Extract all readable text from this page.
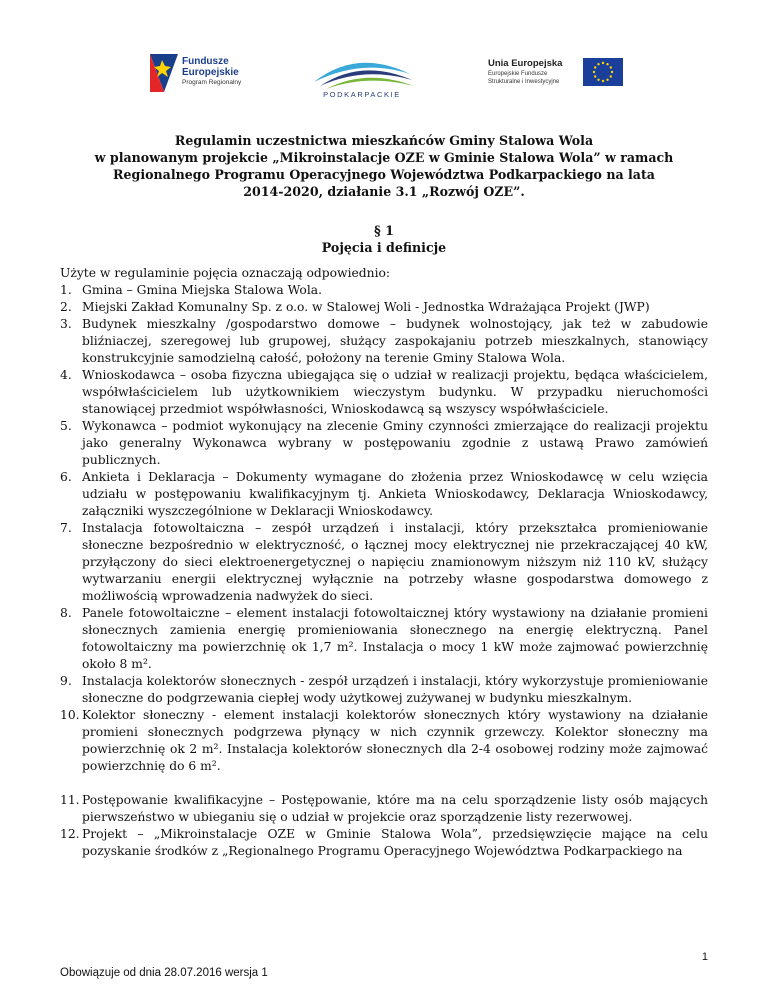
Fundusze
Europejskie
Program Regionalny
PODKARPACKIE
Unia Europejska
Europejskie Fundusze
Strukturalne i Inwestycyjne
Regulamin uczestnictwa mieszkańców Gminy Stalowa Wola
w planowanym projekcie „Mikroinstalacje OZE w Gminie Stalowa Wola” w ramach
Regionalnego Programu Operacyjnego Województwa Podkarpackiego na lata
2014-2020, działanie 3.1 „Rozwój OZE”.
§ 1
Pojęcia i definicje

Użyte w regulaminie pojęcia oznaczają odpowiednio:

1. Gmina – Gmina Miejska Stalowa Wola.
2. Miejski Zakład Komunalny Sp. z o.o. w Stalowej Woli - Jednostka Wdrażająca Projekt (JWP)
3. Budynek mieszkalny /gospodarstwo domowe – budynek wolnostojący, jak też w zabudowie bliźniaczej, szeregowej lub grupowej, służący zaspokajaniu potrzeb mieszkalnych, stanowiący konstrukcyjnie samodzielną całość, położony na terenie Gminy Stalowa Wola.
4. Wnioskodawca – osoba fizyczna ubiegająca się o udział w realizacji projektu, będąca właścicielem, współwłaścicielem lub użytkownikiem wieczystym budynku. W przypadku nieruchomości stanowiącej przedmiot współwłasności, Wnioskodawcą są wszyscy współwłaściciele.
5. Wykonawca – podmiot wykonujący na zlecenie Gminy czynności zmierzające do realizacji projektu jako generalny Wykonawca wybrany w postępowaniu zgodnie z ustawą Prawo zamówień publicznych.
6. Ankieta i Deklaracja – Dokumenty wymagane do złożenia przez Wnioskodawcę w celu wzięcia udziału w postępowaniu kwalifikacyjnym tj. Ankieta Wnioskodawcy, Deklaracja Wnioskodawcy, załączniki wyszczególnione w Deklaracji Wnioskodawcy.
7. Instalacja fotowoltaiczna – zespół urządzeń i instalacji, który przekształca promieniowanie słoneczne bezpośrednio w elektryczność, o łącznej mocy elektrycznej nie przekraczającej 40 kW, przyłączony do sieci elektroenergetycznej o napięciu znamionowym niższym niż 110 kV, służący wytwarzaniu energii elektrycznej wyłącznie na potrzeby własne gospodarstwa domowego z możliwością wprowadzenia nadwyżek do sieci.
8. Panele fotowoltaiczne – element instalacji fotowoltaicznej który wystawiony na działanie promieni słonecznych zamienia energię promieniowania słonecznego na energię elektryczną. Panel fotowoltaiczny ma powierzchnię ok 1,7 m². Instalacja o mocy 1 kW może zajmować powierzchnię około 8 m².
9. Instalacja kolektorów słonecznych - zespół urządzeń i instalacji, który wykorzystuje promieniowanie słoneczne do podgrzewania ciepłej wody użytkowej zużywanej w budynku mieszkalnym.
10. Kolektor słoneczny - element instalacji kolektorów słonecznych który wystawiony na działanie promieni słonecznych podgrzewa płynący w nich czynnik grzewczy. Kolektor słoneczny ma powierzchnię ok 2 m². Instalacja kolektorów słonecznych dla 2-4 osobowej rodziny może zajmować powierzchnię do 6 m².
11. Postępowanie kwalifikacyjne – Postępowanie, które ma na celu sporządzenie listy osób mających pierwszeństwo w ubieganiu się o udział w projekcie oraz sporządzenie listy rezerwowej.
12. Projekt – „Mikroinstalacje OZE w Gminie Stalowa Wola”, przedsięwzięcie mające na celu pozyskanie środków z „Regionalnego Programu Operacyjnego Województwa Podkarpackiego na
Obowiązuje od dnia 28.07.2016 wersja 1
1
